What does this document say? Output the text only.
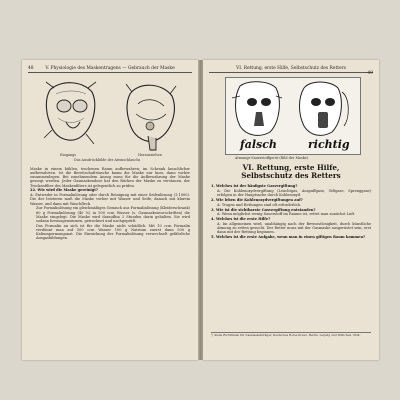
48	V. Physiologie des Maskentragens — Gebrauch der Maske
Eingangs	Herausziehen
Das Ausdrückbilde der Atemschlauchs

Maske in einem kühlen, trockenen Raum aufbewahren; im Schrank lauschlicher aufbewahrten. Ist die Bereitschaftstasche kaum die Maske nur kurz, dann vorher zusammenlegen. Bei zunehmendem Anzug muss für die Aufbewahrung der Maske gesorgt werden. Jeder Gasmaskendose hat den Rücken der Maske zu verstauen, der Trockenfilter des Maskenfilters ist gelegentlich zu prüfen.

22. Wie wird die Maske gereinigt?

A: Entweder in Formalinlösung oder durch Reinigung mit einer Seifenlösung (1:1000). Die der letzteren muß die Maske vorher mit Wasser und Seife, danach mit klarem Wasser, und dann mit Waschfleck.

Zur Formalinlösung ein gleichmäßiges Gemisch aus Formalinlösung (Kleiderschrank) 60 g Formalinlösung (40 %) in 500 ccm Wasser (s. Gasmaskenvorschriften) die Maske eingelegt. Die Maske wird daraufhin 2 Stunden darin gehalten. Sie wird sodann herausgenommen, getrocknet und nachgeprüft.

Das Formalin an sich ist für die Maske nicht schädlich. Mit 10 ccm Formalin verdünnt man auf 500 ccm Wasser 100 g Natrium zuerst dann 500 g Kaliumpermanganat. Die Einwirkung der Formalinlösung verwechselt gefährliche Ausgasbildungen.

VI. Rettung, erste Hilfe, Selbstschutz des Retters
49
falsch	richtig
Atmungs-Sauerstoffgerät (Bild der Maske)
VI. Rettung, erste Hilfe,
Selbstschutz des Retters

1. Welches ist der häufigste Gasvergiftung?

A: Die Kohlenoxydvergiftung (Leuchtgas, Auspuffgase, Giftgase, Sprenggase) erfolgen in der Hauptsache durch Kohlenoxyd.

2. Wie leben die Kohlenoxydvergiftungen auf?

A: Tragen und Rettungen sind oft erforderlich.

3. Wie ist die sichtbarste Gasvergiftung entstanden?

A: Wenn möglichst wenig Sauerstoff im Raume ist, rettet man zunächst Luft.

4. Welches ist die erste Hilfe?

A: Im allgemeinen wird, unabhängig nach der Bewusstlosigkeit, durch künstliche Atmung zu retten gesucht. Der Retter muss mit der Gasmaske ausgerüstet sein, erst dann mit der Rettung beginnen.

5. Welches ist die erste Aufgabe, wenn man in einen giftigen Raum kommen?

¹) Siehe Richtlinien für Gasmaskenträger, Deutsches Rotes Kreuz, Berlin, Leipzig und München 1934.
